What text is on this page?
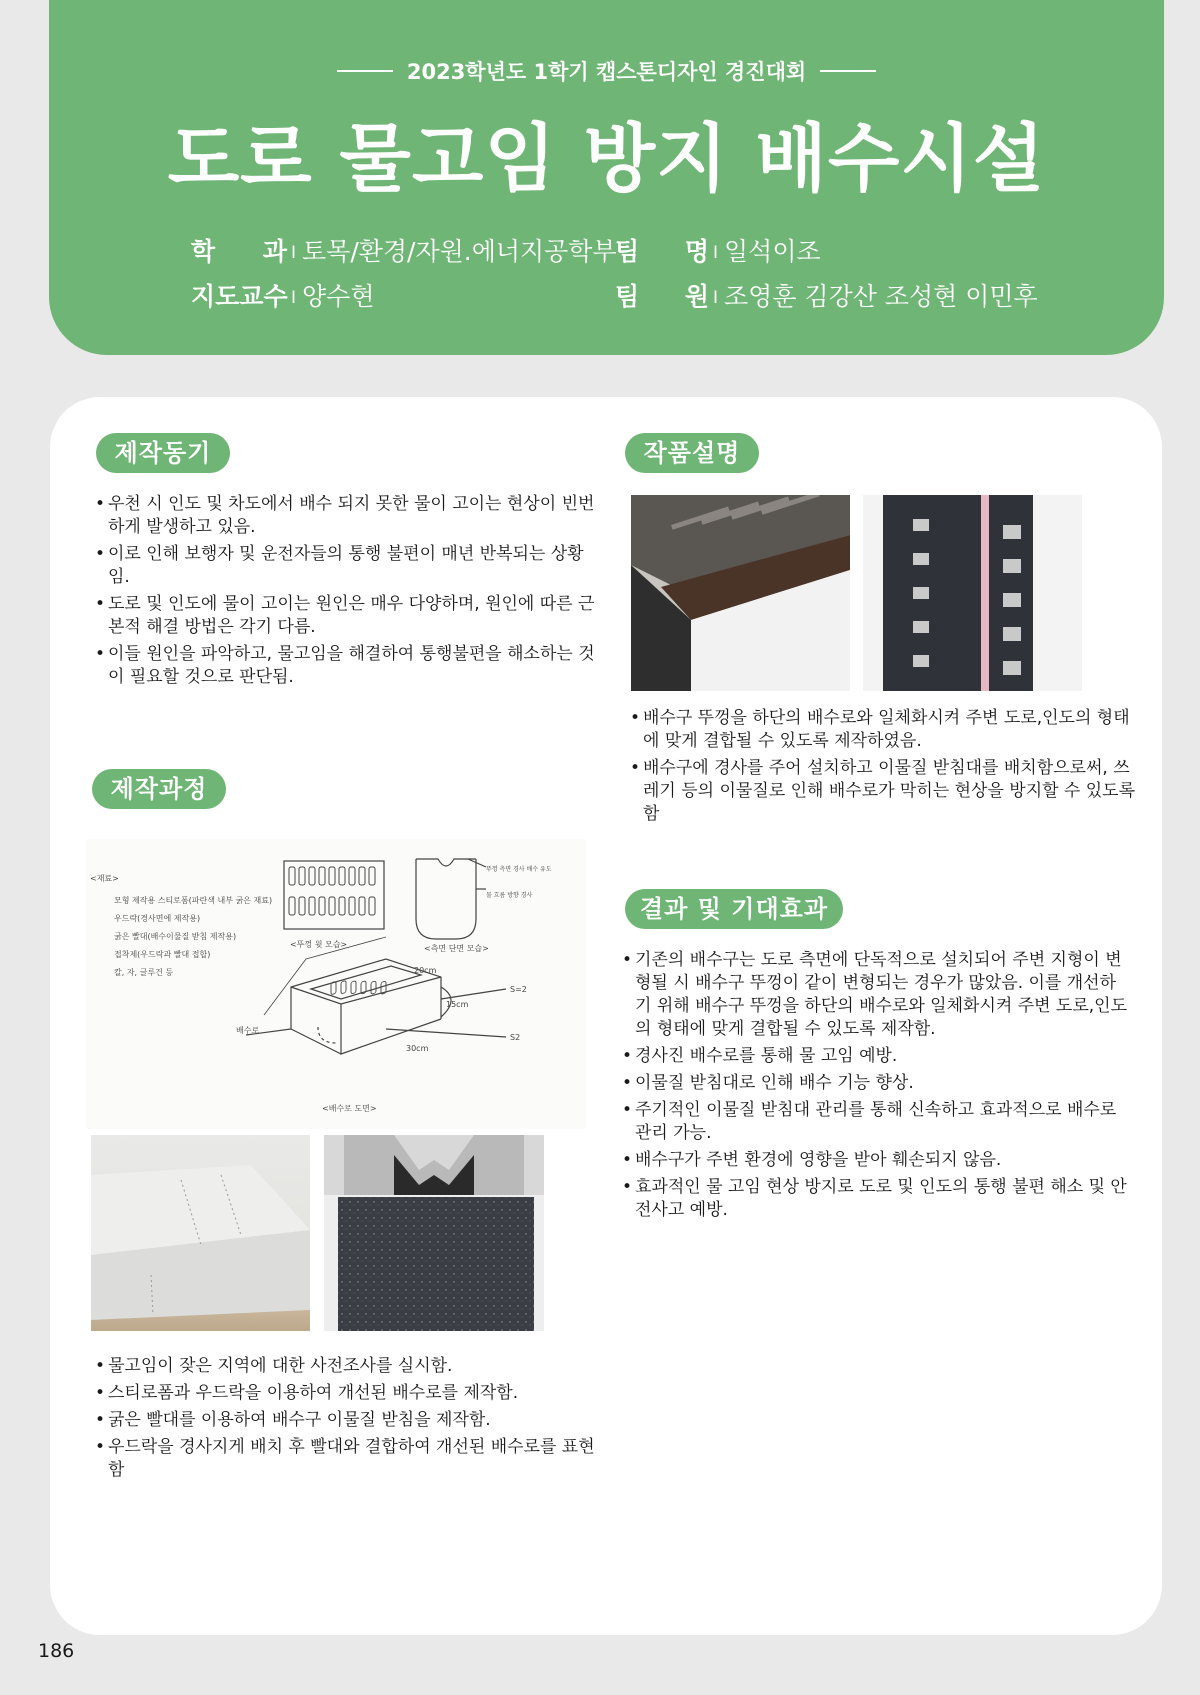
2023학년도 1학기 캡스톤디자인 경진대회
도로 물고임 방지 배수시설
학　과 I 토목/환경/자원.에너지공학부
지도교수 I 양수현
팀　명 I 일석이조
팀　원 I 조영훈 김강산 조성현 이민후
제작동기
• 우천 시 인도 및 차도에서 배수 되지 못한 물이 고이는 현상이 빈번하게 발생하고 있음.
• 이로 인해 보행자 및 운전자들의 통행 불편이 매년 반복되는 상황임.
• 도로 및 인도에 물이 고이는 원인은 매우 다양하며, 원인에 따른 근본적 해결 방법은 각기 다름.
• 이들 원인을 파악하고, 물고임을 해결하여 통행불편을 해소하는 것이 필요할 것으로 판단됨.
제작과정
<재료>
모형 제작용 스티로폼(파란색 내부 굵은 재료)
우드락(경사면에 제작용)
굵은 빨대(배수이물질 받침 제작용)
접착제(우드락과 빨대 접합)
칼, 자, 글루건 등
<뚜껑 윗 모습>	<측면 단면 모습>
뚜껑 측면 경사 배수 유도
물 흐름 방향 경사
배수로
20cm
15cm
30cm
S=2
S2
<배수로 도면>
• 물고임이 잦은 지역에 대한 사전조사를 실시함.
• 스티로폼과 우드락을 이용하여 개선된 배수로를 제작함.
• 굵은 빨대를 이용하여 배수구 이물질 받침을 제작함.
• 우드락을 경사지게 배치 후 빨대와 결합하여 개선된 배수로를 표현함
작품설명
• 배수구 뚜껑을 하단의 배수로와 일체화시켜 주변 도로,인도의 형태에 맞게 결합될 수 있도록 제작하였음.
• 배수구에 경사를 주어 설치하고 이물질 받침대를 배치함으로써, 쓰레기 등의 이물질로 인해 배수로가 막히는 현상을 방지할 수 있도록 함
결과 및 기대효과
• 기존의 배수구는 도로 측면에 단독적으로 설치되어 주변 지형이 변형될 시 배수구 뚜껑이 같이 변형되는 경우가 많았음. 이를 개선하기 위해 배수구 뚜껑을 하단의 배수로와 일체화시켜 주변 도로,인도의 형태에 맞게 결합될 수 있도록 제작함.
• 경사진 배수로를 통해 물 고임 예방.
• 이물질 받침대로 인해 배수 기능 향상.
• 주기적인 이물질 받침대 관리를 통해 신속하고 효과적으로 배수로 관리 가능.
• 배수구가 주변 환경에 영향을 받아 훼손되지 않음.
• 효과적인 물 고임 현상 방지로 도로 및 인도의 통행 불편 해소 및 안전사고 예방.
186
